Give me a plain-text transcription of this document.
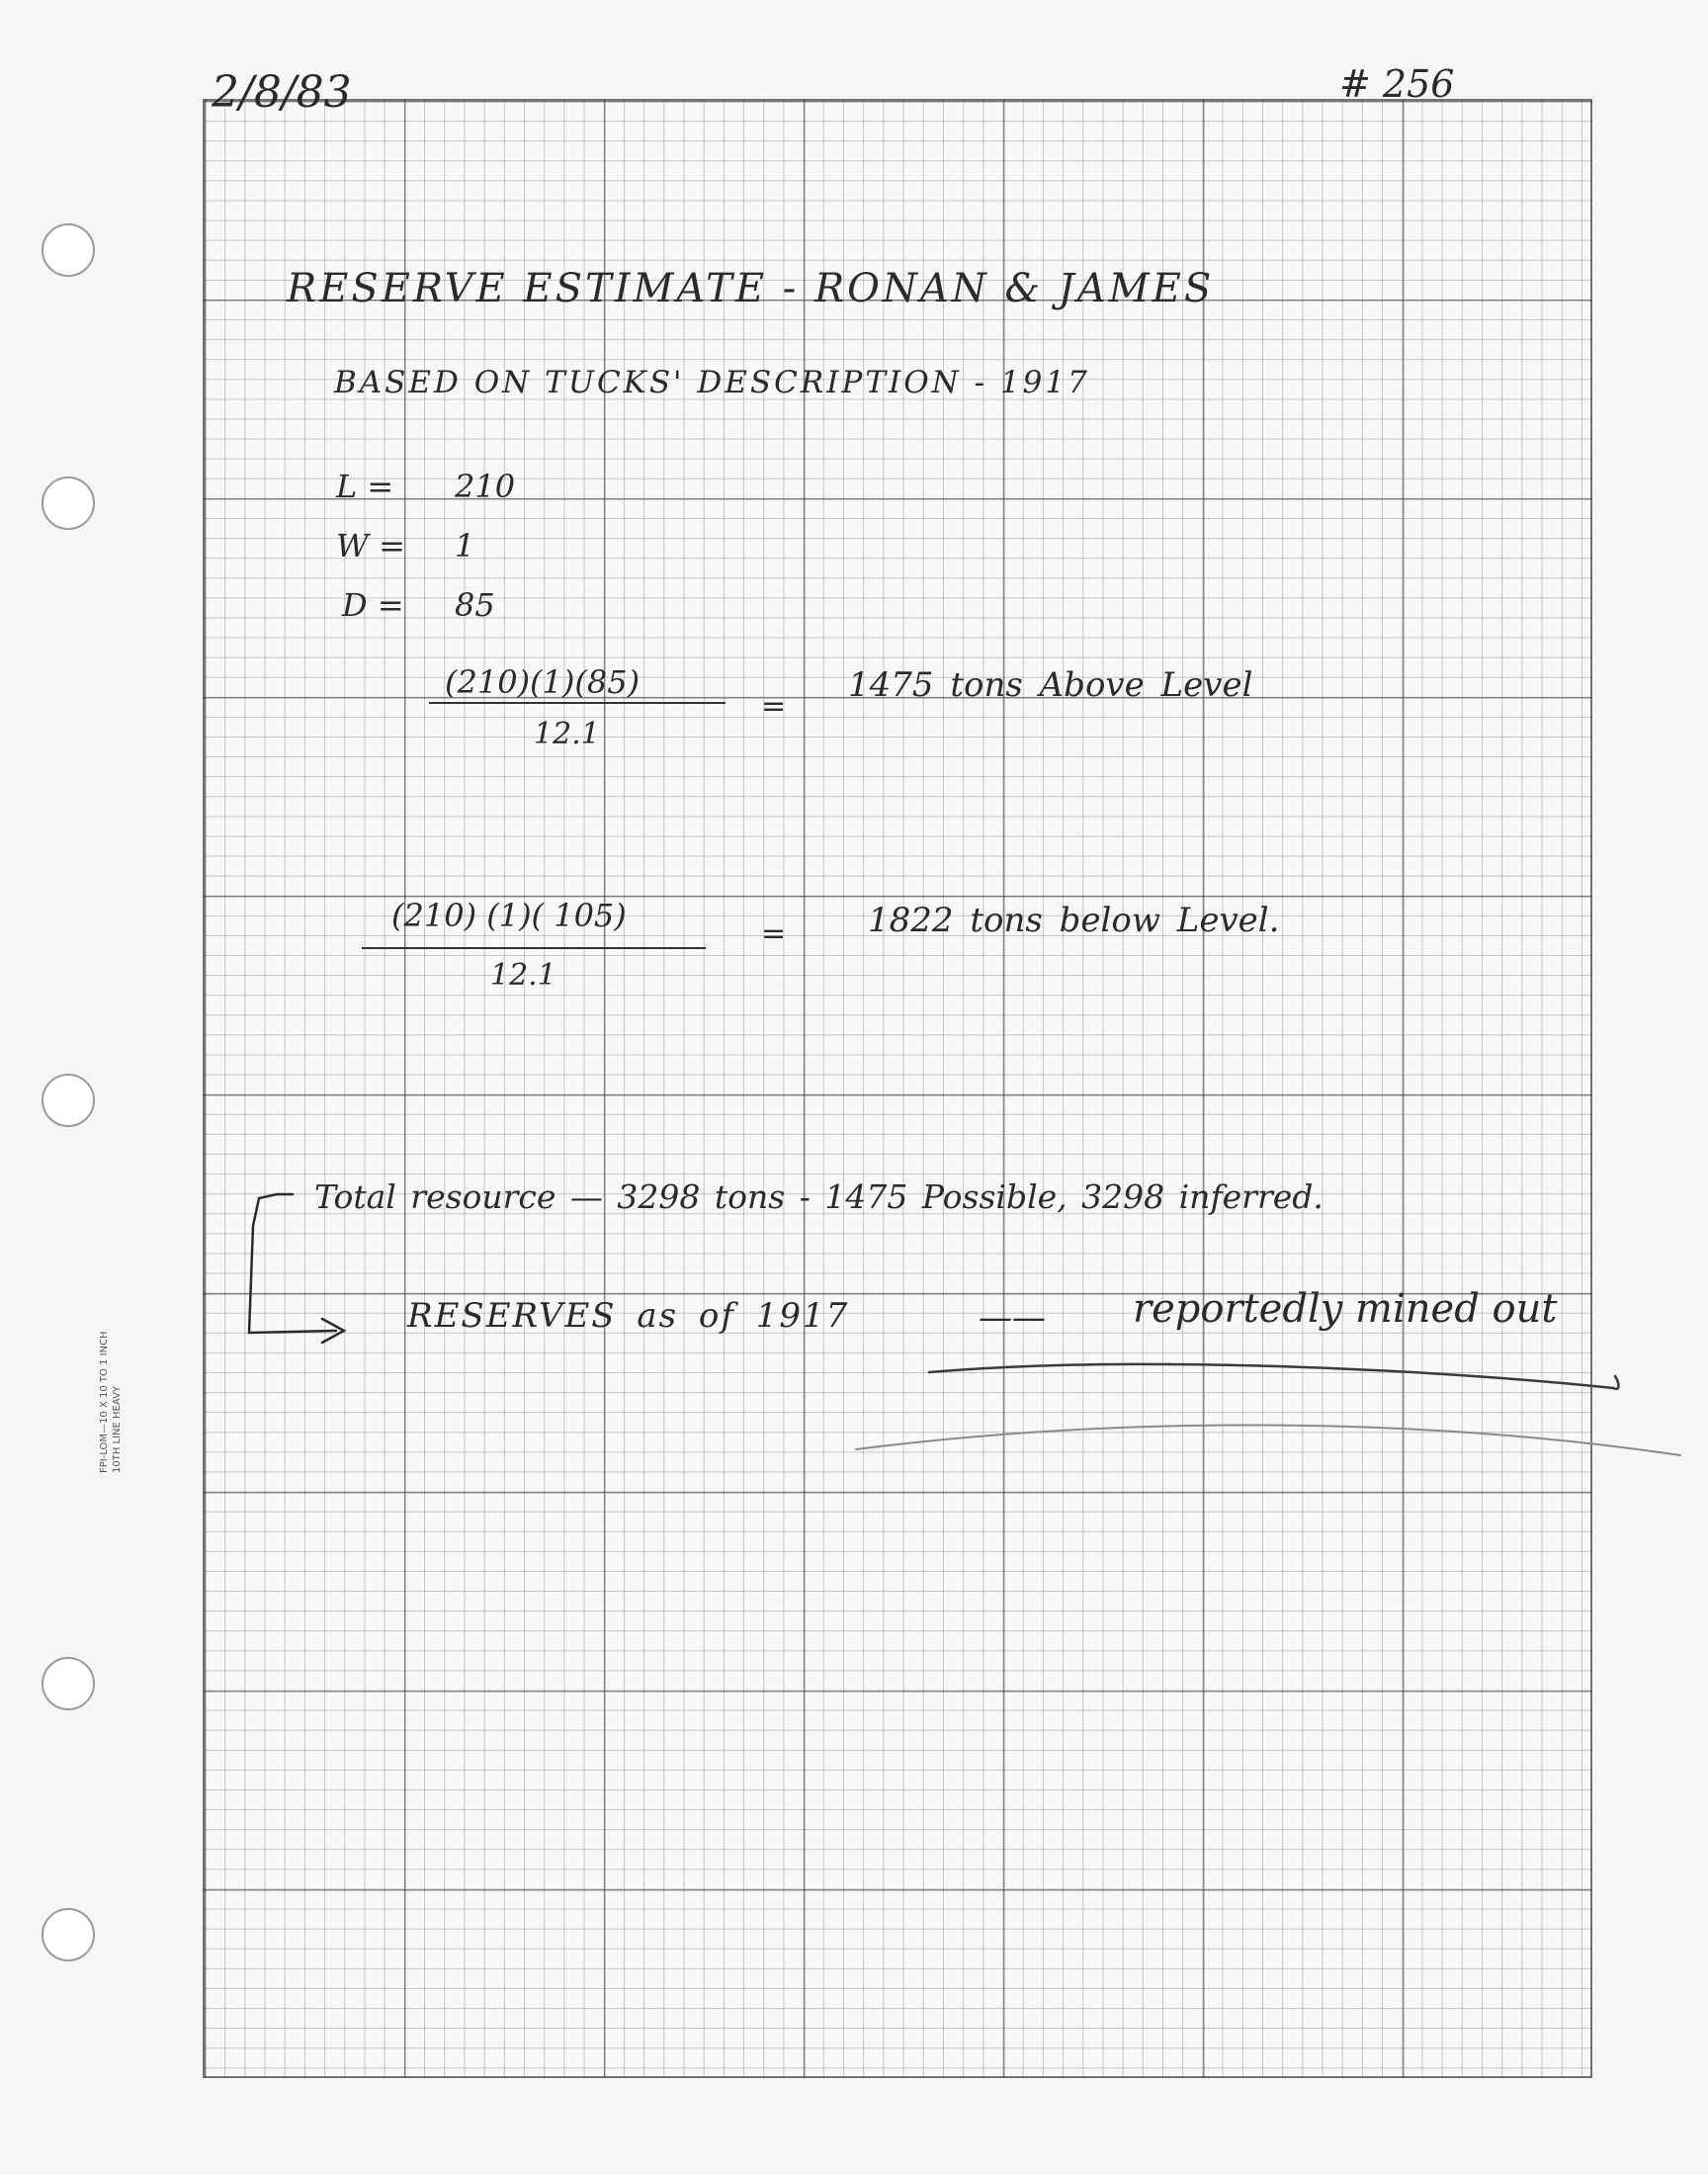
FPI-LOM—10 X 10 TO 1 INCH 10TH LINE HEAVY
2/8/83	# 256
RESERVE ESTIMATE - RONAN & JAMES
BASED ON TUCKS' DESCRIPTION - 1917
L = 210
W = 1
D = 85
(210)(1)(85)
12.1
=
1475 tons Above Level
(210) (1)( 105)
12.1
= 1822 tons below Level.
Total resource — 3298 tons - 1475 Possible, 3298 inferred.
RESERVES as of 1917	—— reportedly mined out
